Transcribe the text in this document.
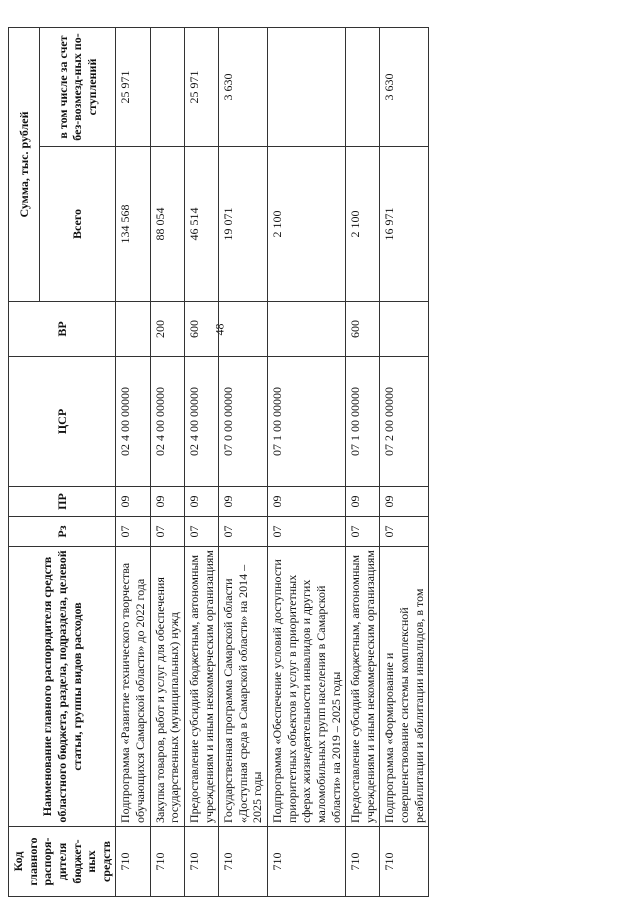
48
Код главного распоря-дителя бюджет-ных средств	Наименование главного распорядителя средств областного бюджета, раздела, подраздела, целевой статьи, группы видов расходов	Рз	ПР	ЦСР	ВР	Сумма, тыс. рублей	
						Всего	в том числе за счет без-возмезд-ных по-ступлений
710	Подпрограмма «Развитие технического творчества обучающихся Самарской области» до 2022 года	07	09	02 4 00 00000		134 568	25 971
710	Закупка товаров, работ и услуг для обеспечения государственных (муниципальных) нужд	07	09	02 4 00 00000	200	88 054	
710	Предоставление субсидий бюджетным, автономным учреждениям и иным некоммерческим организациям	07	09	02 4 00 00000	600	46 514	25 971
710	Государственная программа Самарской области «Доступная среда в Самарской области» на 2014 – 2025 годы	07	09	07 0 00 00000		19 071	3 630
710	Подпрограмма «Обеспечение условий доступности приоритетных объектов и услуг в приоритетных сферах жизнедеятельности инвалидов и других маломобильных групп населения в Самарской области» на 2019 – 2025 годы	07	09	07 1 00 00000		2 100	
710	Предоставление субсидий бюджетным, автономным учреждениям и иным некоммерческим организациям	07	09	07 1 00 00000	600	2 100	
710	Подпрограмма «Формирование и совершенствование системы комплексной реабилитации и абилитации инвалидов, в том	07	09	07 2 00 00000		16 971	3 630
